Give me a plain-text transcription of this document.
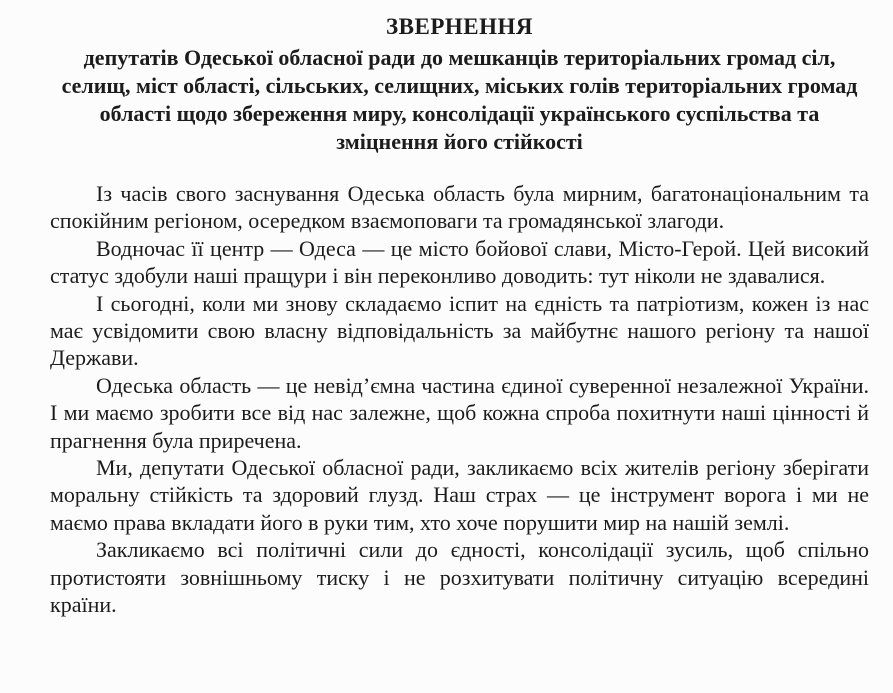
ЗВЕРНЕННЯ
депутатів Одеської обласної ради до мешканців територіальних громад сіл, селищ, міст області, сільських, селищних, міських голів територіальних громад області щодо збереження миру, консолідації українського суспільства та зміцнення його стійкості

Із часів свого заснування Одеська область була мирним, багатонаціональним та спокійним регіоном, осередком взаємоповаги та громадянської злагоди.

Водночас її центр — Одеса — це місто бойової слави, Місто-Герой. Цей високий статус здобули наші пращури і він переконливо доводить: тут ніколи не здавалися.

І сьогодні, коли ми знову складаємо іспит на єдність та патріотизм, кожен із нас має усвідомити свою власну відповідальність за майбутнє нашого регіону та нашої Держави.

Одеська область — це невід’ємна частина єдиної суверенної незалежної України. І ми маємо зробити все від нас залежне, щоб кожна спроба похитнути наші цінності й прагнення була приречена.

Ми, депутати Одеської обласної ради, закликаємо всіх жителів регіону зберігати моральну стійкість та здоровий глузд. Наш страх — це інструмент ворога і ми не маємо права вкладати його в руки тим, хто хоче порушити мир на нашій землі.

Закликаємо всі політичні сили до єдності, консолідації зусиль, щоб спільно протистояти зовнішньому тиску і не розхитувати політичну ситуацію всередині країни.
